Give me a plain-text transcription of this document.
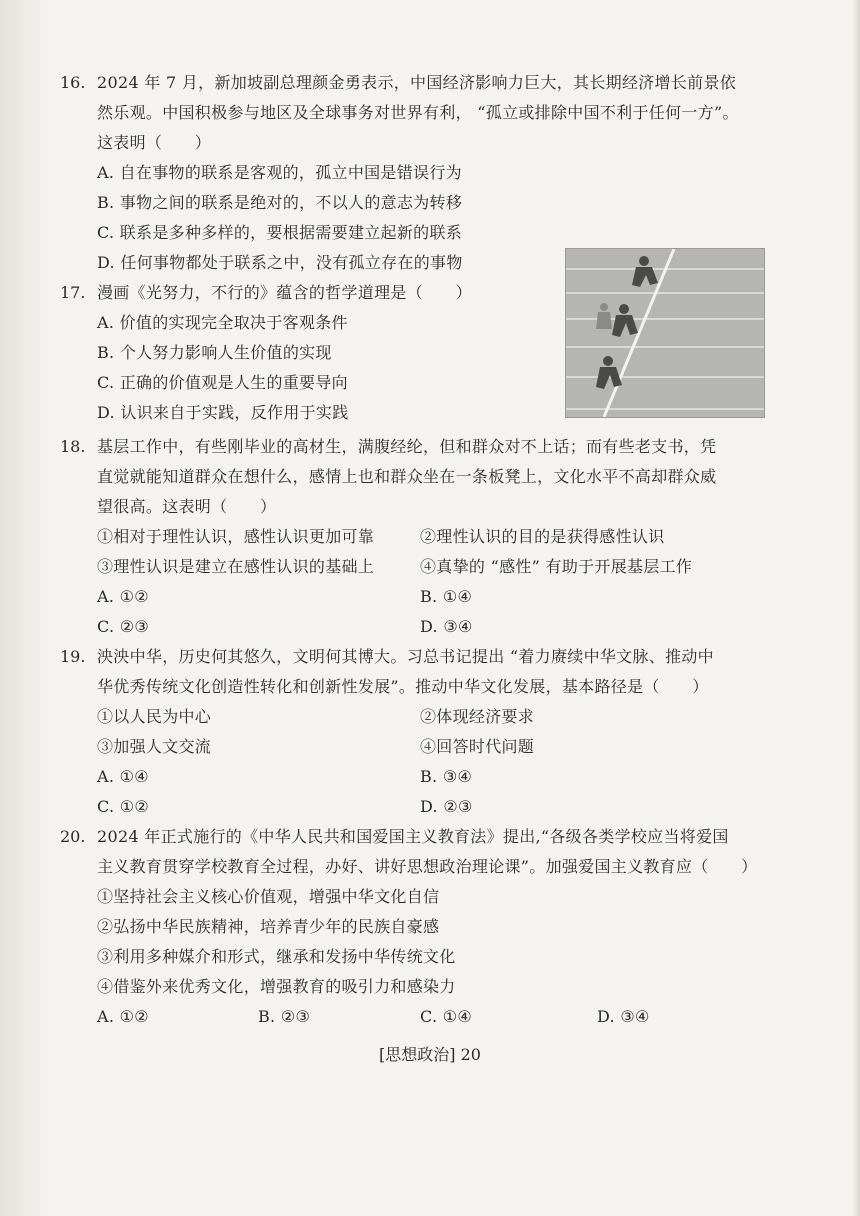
16. 2024 年 7 月，新加坡副总理颜金勇表示，中国经济影响力巨大，其长期经济增长前景依
然乐观。中国积极参与地区及全球事务对世界有利， “孤立或排除中国不利于任何一方”。
这表明（　　）
A. 自在事物的联系是客观的，孤立中国是错误行为
B. 事物之间的联系是绝对的，不以人的意志为转移
C. 联系是多种多样的，要根据需要建立起新的联系
D. 任何事物都处于联系之中，没有孤立存在的事物
17. 漫画《光努力，不行的》蕴含的哲学道理是（　　）
A. 价值的实现完全取决于客观条件
B. 个人努力影响人生价值的实现
C. 正确的价值观是人生的重要导向
D. 认识来自于实践，反作用于实践
18. 基层工作中，有些刚毕业的高材生，满腹经纶，但和群众对不上话；而有些老支书，凭
直觉就能知道群众在想什么，感情上也和群众坐在一条板凳上，文化水平不高却群众威
望很高。这表明（　　）
①相对于理性认识，感性认识更加可靠	②理性认识的目的是获得感性认识
③理性认识是建立在感性认识的基础上	④真挚的 “感性” 有助于开展基层工作
A. ①②	B. ①④
C. ②③	D. ③④
19. 泱泱中华，历史何其悠久，文明何其博大。习总书记提出 “着力赓续中华文脉、推动中
华优秀传统文化创造性转化和创新性发展”。推动中华文化发展，基本路径是（　　）
①以人民为中心	②体现经济要求
③加强人文交流	④回答时代问题
A. ①④	B. ③④
C. ①②	D. ②③
20. 2024 年正式施行的《中华人民共和国爱国主义教育法》提出,“各级各类学校应当将爱国
主义教育贯穿学校教育全过程，办好、讲好思想政治理论课”。加强爱国主义教育应（　　）
①坚持社会主义核心价值观，增强中华文化自信
②弘扬中华民族精神，培养青少年的民族自豪感
③利用多种媒介和形式，继承和发扬中华传统文化
④借鉴外来优秀文化，增强教育的吸引力和感染力
A. ①②	B. ②③	C. ①④	D. ③④
[思想政治] 20
